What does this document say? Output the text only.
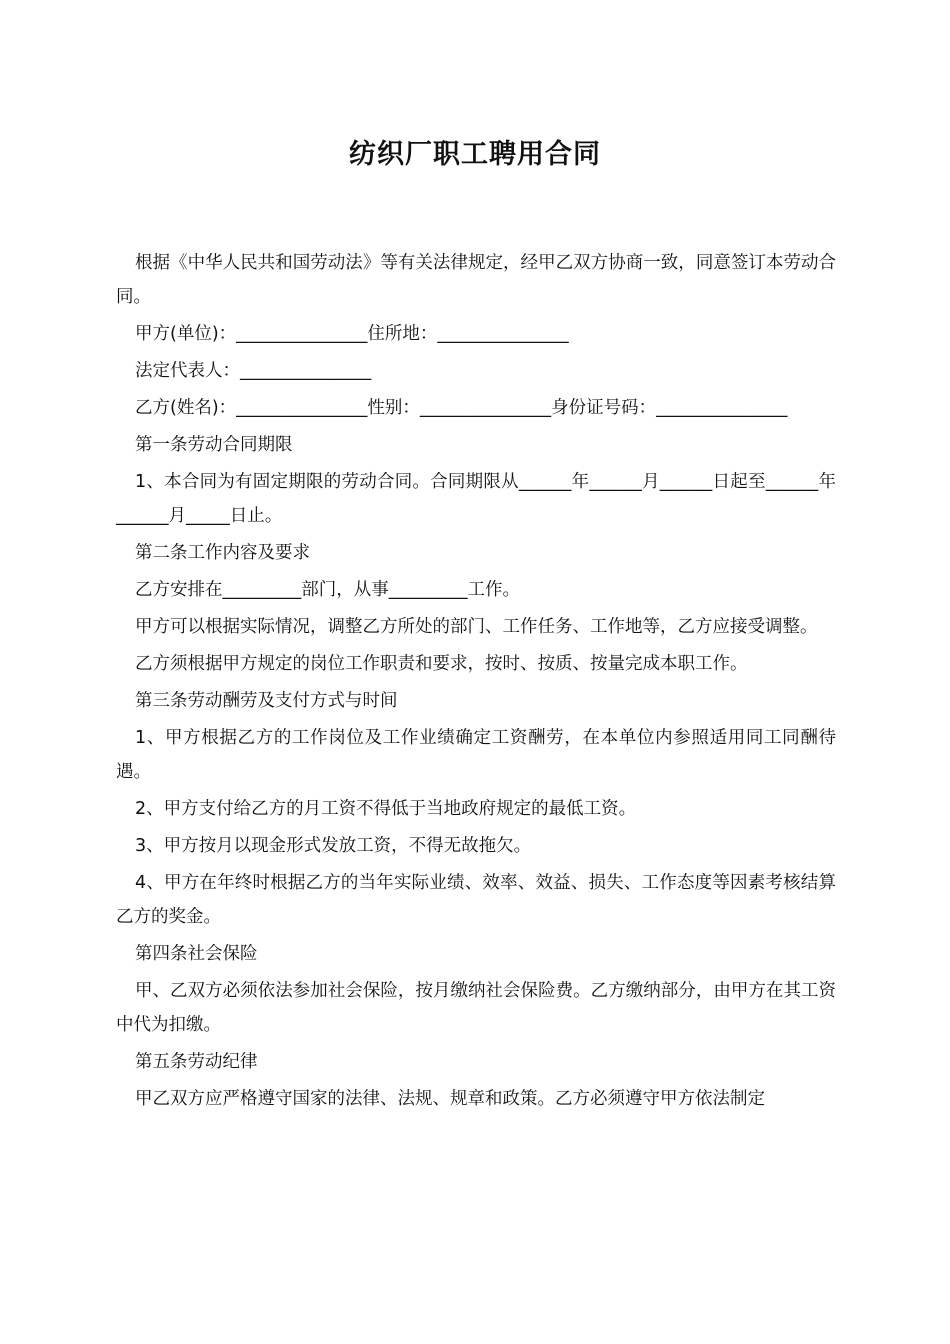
纺织厂职工聘用合同

根据《中华人民共和国劳动法》等有关法律规定，经甲乙双方协商一致，同意签订本劳动合同。

甲方(单位)：_______________住所地：_______________

法定代表人：_______________

乙方(姓名)：_______________性别：_______________身份证号码：_______________

第一条劳动合同期限

1、本合同为有固定期限的劳动合同。合同期限从______年______月______日起至______年______月_____日止。

第二条工作内容及要求

乙方安排在_________部门，从事_________工作。

甲方可以根据实际情况，调整乙方所处的部门、工作任务、工作地等，乙方应接受调整。

乙方须根据甲方规定的岗位工作职责和要求，按时、按质、按量完成本职工作。

第三条劳动酬劳及支付方式与时间

1、甲方根据乙方的工作岗位及工作业绩确定工资酬劳，在本单位内参照适用同工同酬待遇。

2、甲方支付给乙方的月工资不得低于当地政府规定的最低工资。

3、甲方按月以现金形式发放工资，不得无故拖欠。

4、甲方在年终时根据乙方的当年实际业绩、效率、效益、损失、工作态度等因素考核结算乙方的奖金。

第四条社会保险

甲、乙双方必须依法参加社会保险，按月缴纳社会保险费。乙方缴纳部分，由甲方在其工资中代为扣缴。

第五条劳动纪律

甲乙双方应严格遵守国家的法律、法规、规章和政策。乙方必须遵守甲方依法制定
